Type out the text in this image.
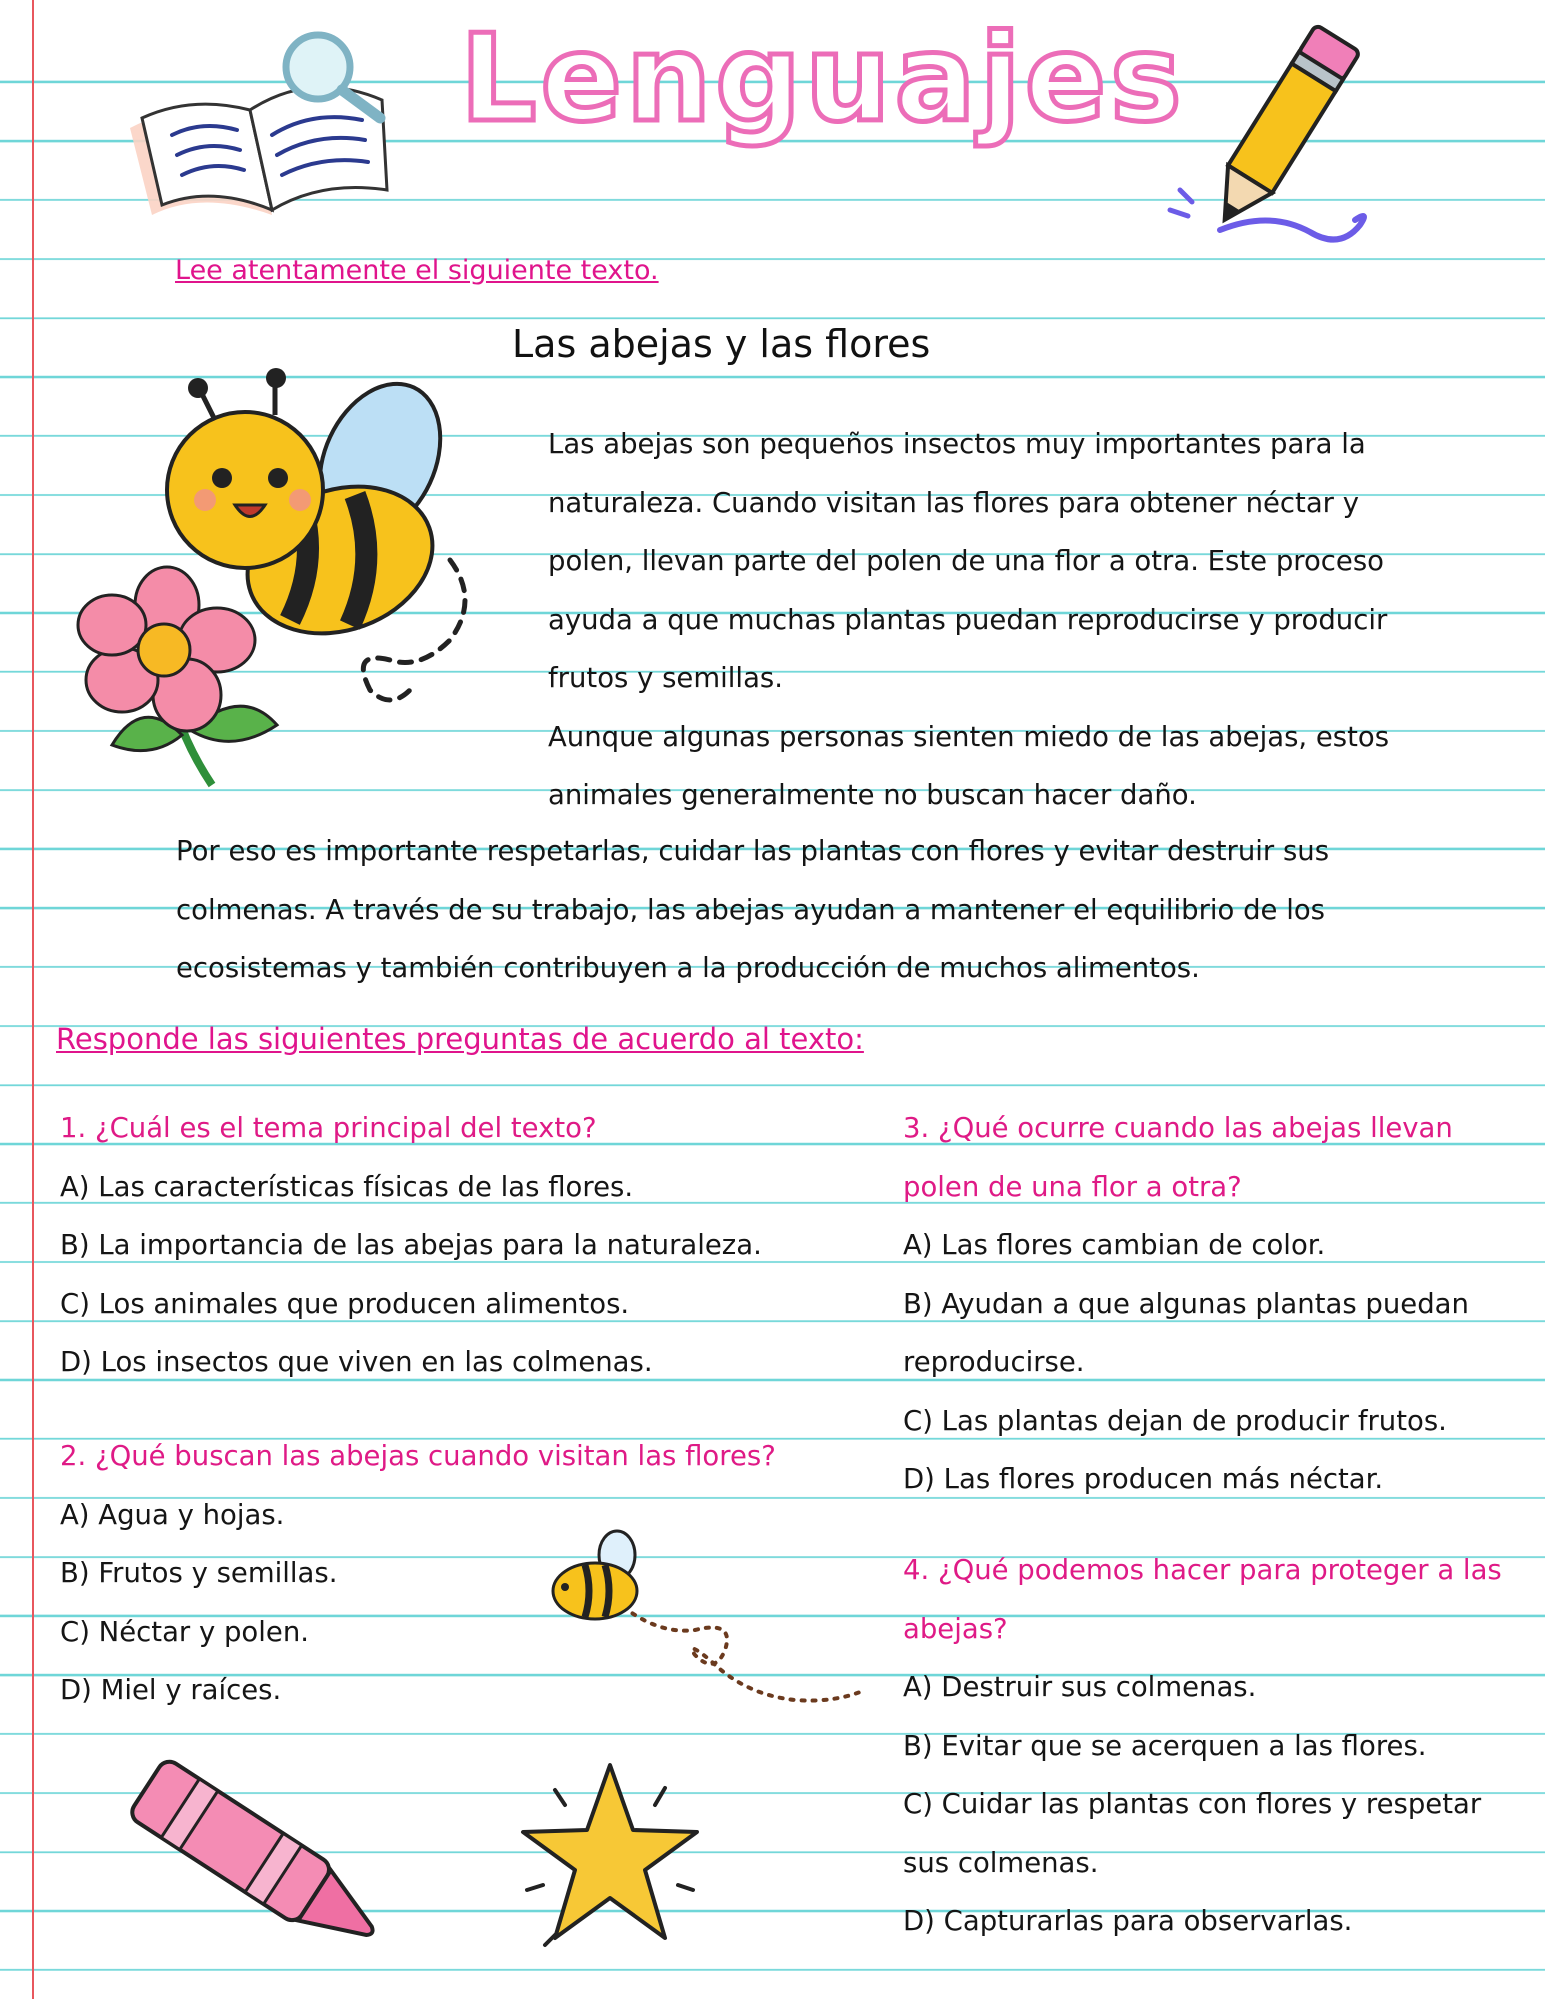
Lenguajes
Lee atentamente el siguiente texto.
Las abejas y las flores
Las abejas son pequeños insectos muy importantes para la
naturaleza. Cuando visitan las flores para obtener néctar y
polen, llevan parte del polen de una flor a otra. Este proceso
ayuda a que muchas plantas puedan reproducirse y producir
frutos y semillas.
Aunque algunas personas sienten miedo de las abejas, estos
animales generalmente no buscan hacer daño.
Por eso es importante respetarlas, cuidar las plantas con flores y evitar destruir sus
colmenas. A través de su trabajo, las abejas ayudan a mantener el equilibrio de los
ecosistemas y también contribuyen a la producción de muchos alimentos.
Responde las siguientes preguntas de acuerdo al texto:
1. ¿Cuál es el tema principal del texto?
A) Las características físicas de las flores.
B) La importancia de las abejas para la naturaleza.
C) Los animales que producen alimentos.
D) Los insectos que viven en las colmenas.
2. ¿Qué buscan las abejas cuando visitan las flores?
A) Agua y hojas.
B) Frutos y semillas.
C) Néctar y polen.
D) Miel y raíces.
3. ¿Qué ocurre cuando las abejas llevan
polen de una flor a otra?
A) Las flores cambian de color.
B) Ayudan a que algunas plantas puedan
reproducirse.
C) Las plantas dejan de producir frutos.
D) Las flores producen más néctar.
4. ¿Qué podemos hacer para proteger a las
abejas?
A) Destruir sus colmenas.
B) Evitar que se acerquen a las flores.
C) Cuidar las plantas con flores y respetar
sus colmenas.
D) Capturarlas para observarlas.
